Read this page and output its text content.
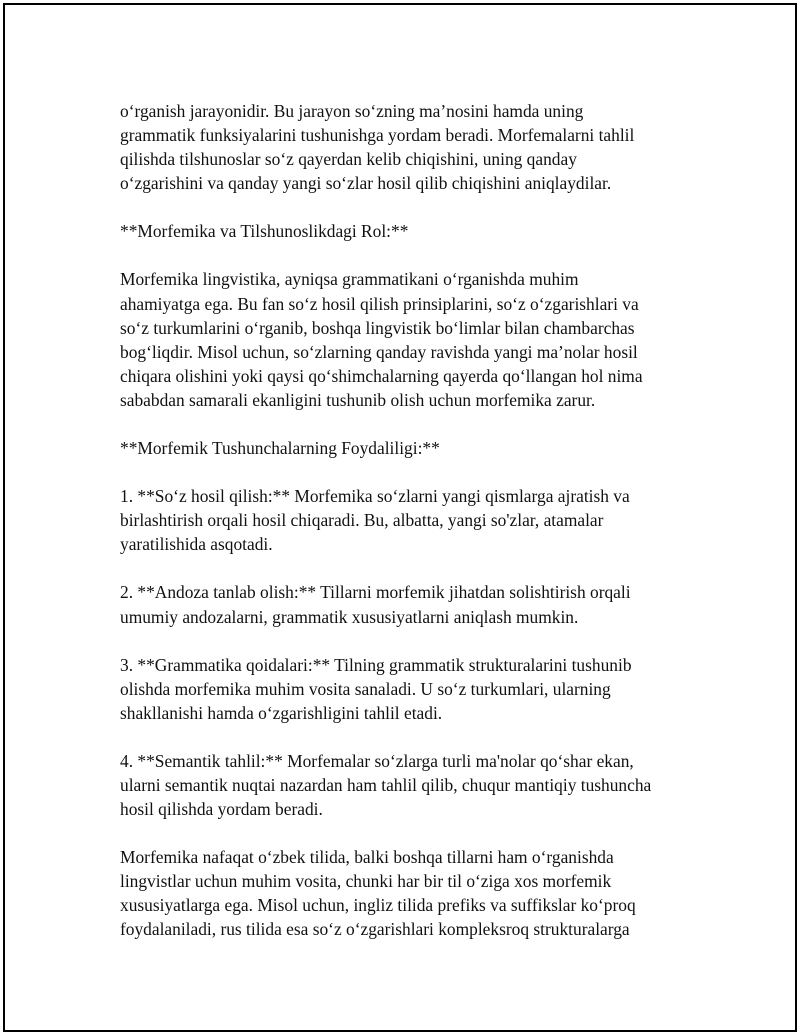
o‘rganish jarayonidir. Bu jarayon so‘zning ma’nosini hamda uning
grammatik funksiyalarini tushunishga yordam beradi. Morfemalarni tahlil
qilishda tilshunoslar so‘z qayerdan kelib chiqishini, uning qanday
o‘zgarishini va qanday yangi so‘zlar hosil qilib chiqishini aniqlaydilar.

**Morfemika va Tilshunoslikdagi Rol:**

Morfemika lingvistika, ayniqsa grammatikani o‘rganishda muhim
ahamiyatga ega. Bu fan so‘z hosil qilish prinsiplarini, so‘z o‘zgarishlari va
so‘z turkumlarini o‘rganib, boshqa lingvistik bo‘limlar bilan chambarchas
bog‘liqdir. Misol uchun, so‘zlarning qanday ravishda yangi ma’nolar hosil
chiqara olishini yoki qaysi qo‘shimchalarning qayerda qo‘llangan hol nima
sababdan samarali ekanligini tushunib olish uchun morfemika zarur.

**Morfemik Tushunchalarning Foydaliligi:**

1. **So‘z hosil qilish:** Morfemika so‘zlarni yangi qismlarga ajratish va
birlashtirish orqali hosil chiqaradi. Bu, albatta, yangi so'zlar, atamalar
yaratilishida asqotadi.

2. **Andoza tanlab olish:** Tillarni morfemik jihatdan solishtirish orqali
umumiy andozalarni, grammatik xususiyatlarni aniqlash mumkin.

3. **Grammatika qoidalari:** Tilning grammatik strukturalarini tushunib
olishda morfemika muhim vosita sanaladi. U so‘z turkumlari, ularning
shakllanishi hamda o‘zgarishligini tahlil etadi.

4. **Semantik tahlil:** Morfemalar so‘zlarga turli ma'nolar qo‘shar ekan,
ularni semantik nuqtai nazardan ham tahlil qilib, chuqur mantiqiy tushuncha
hosil qilishda yordam beradi.

Morfemika nafaqat o‘zbek tilida, balki boshqa tillarni ham o‘rganishda
lingvistlar uchun muhim vosita, chunki har bir til o‘ziga xos morfemik
xususiyatlarga ega. Misol uchun, ingliz tilida prefiks va suffikslar ko‘proq
foydalaniladi, rus tilida esa so‘z o‘zgarishlari kompleksroq strukturalarga
